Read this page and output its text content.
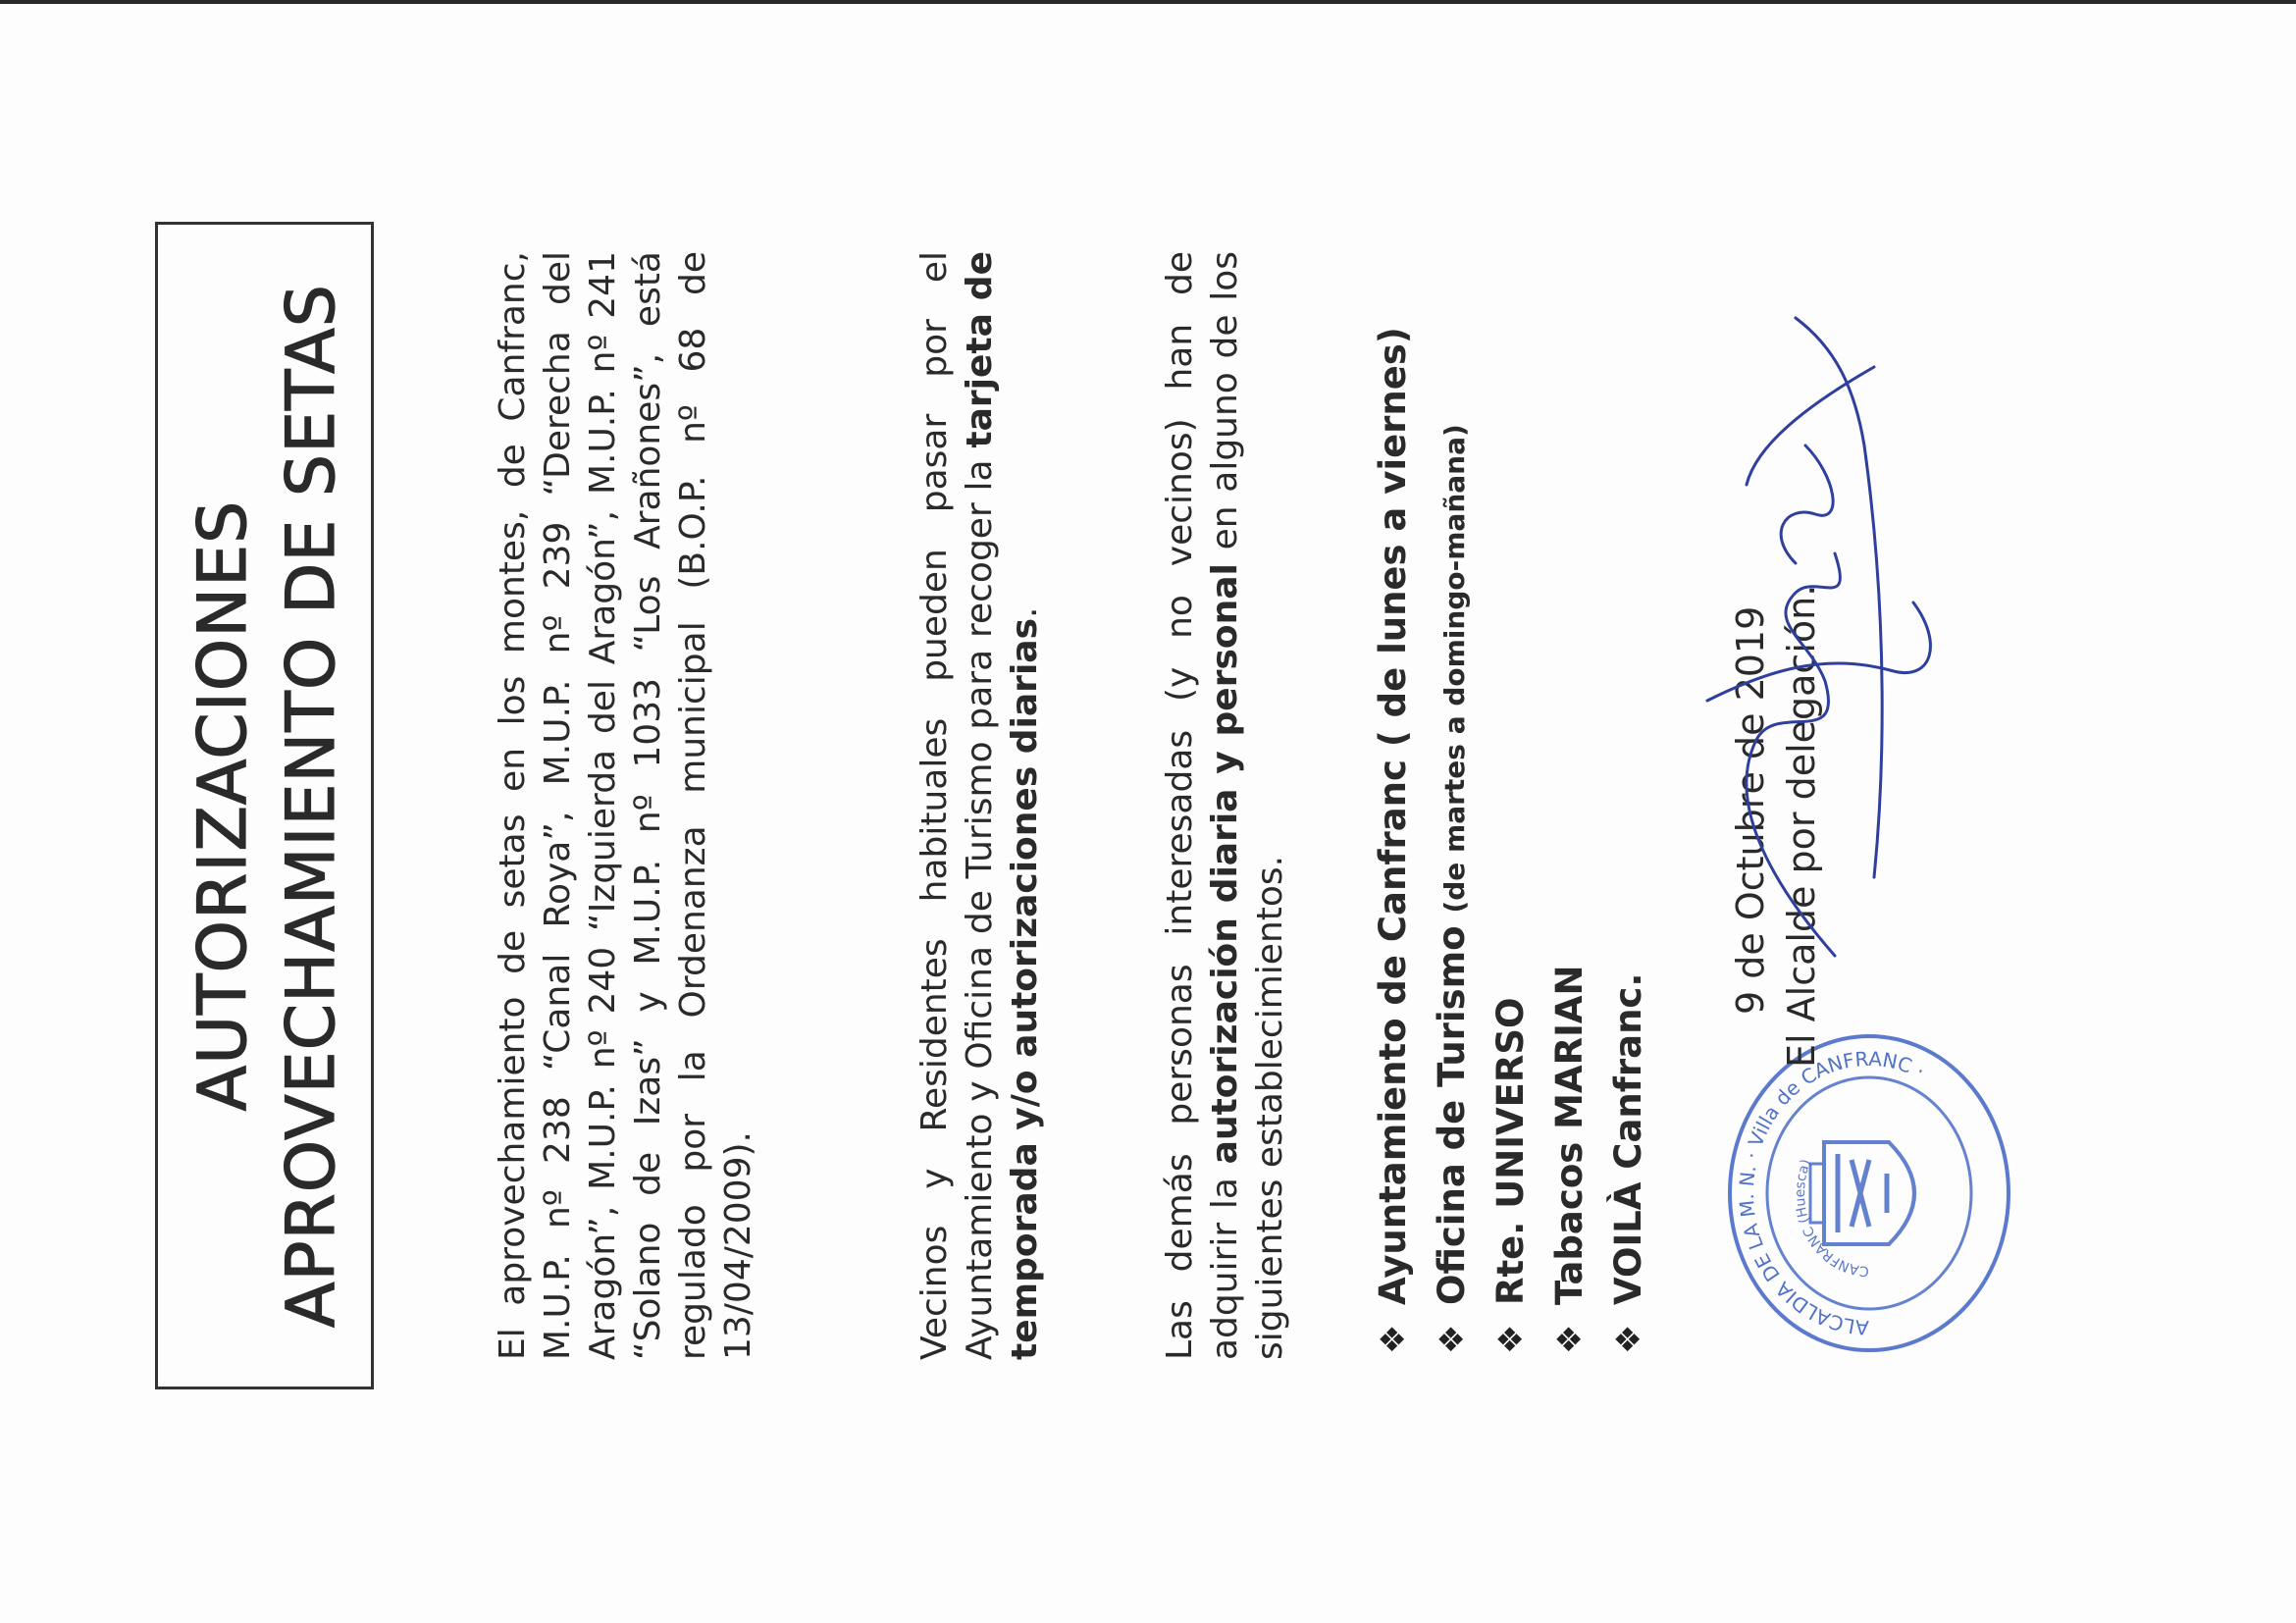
AUTORIZACIONES APROVECHAMIENTO DE SETAS	El aprovechamiento de setas en los montes, de Canfranc, M.U.P. nº 238 “Canal Roya”, M.U.P. nº 239 “Derecha del Aragón”, M.U.P. nº 240 “Izquierda del Aragón”, M.U.P. nº 241 “Solano de Izas” y M.U.P. nº 1033 “Los Arañones”, está regulado por la Ordenanza municipal (B.O.P. nº 68 de 13/04/2009).	Vecinos y Residentes habituales pueden pasar por el Ayuntamiento y Oficina de Turismo para recoger la tarjeta de temporada y/o autorizaciones diarias.	Las demás personas interesadas (y no vecinos) han de adquirir la autorización diaria y personal en alguno de los siguientes establecimientos.	❖
Ayuntamiento de Canfranc ( de lunes a viernes)
❖
Oficina de Turismo (de martes a domingo-mañana)
❖
Rte. UNIVERSO
❖
Tabacos MARIAN
❖
VOILÀ Canfranc.
ALCALDIA DE LA M. N. · Villa de CANFRANC ·
CANFRANC (Huesca)
9 de Octubre de 2019 El Alcalde por delegación.
